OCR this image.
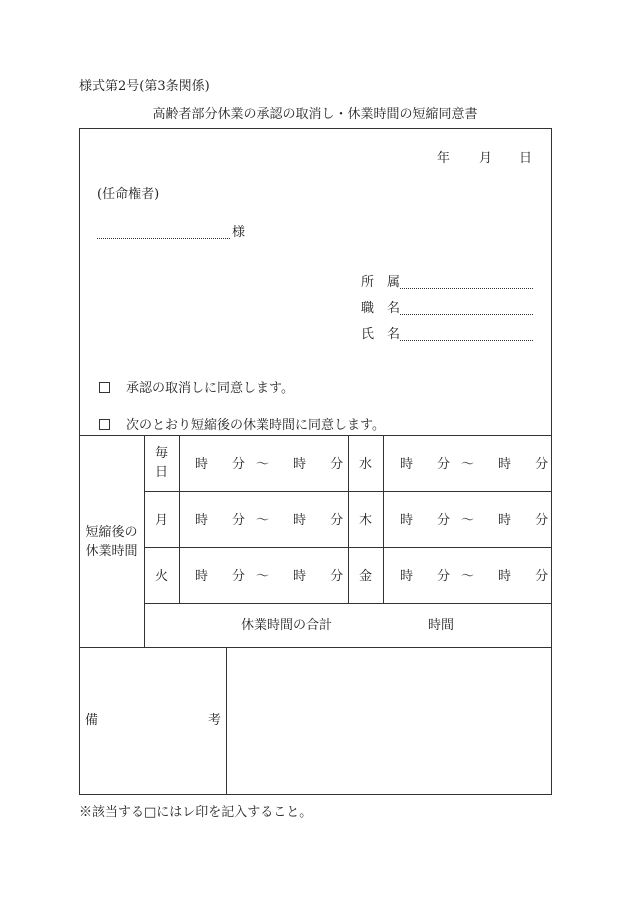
様式第2号(第3条関係)
高齢者部分休業の承認の取消し・休業時間の短縮同意書
年 月 日
(任命権者)
様
所 属
職 名
氏 名
承認の取消しに同意します。
次のとおり短縮後の休業時間に同意します。
短縮後の
休業時間
毎
日
月
火
水
木
金
時 分 〜 時 分
時 分 〜 時 分
時 分 〜 時 分
時 分 〜 時 分
時 分 〜 時 分
時 分 〜 時 分
休業時間の合計	時間
備	考
※該当する□にはレ印を記入すること。
